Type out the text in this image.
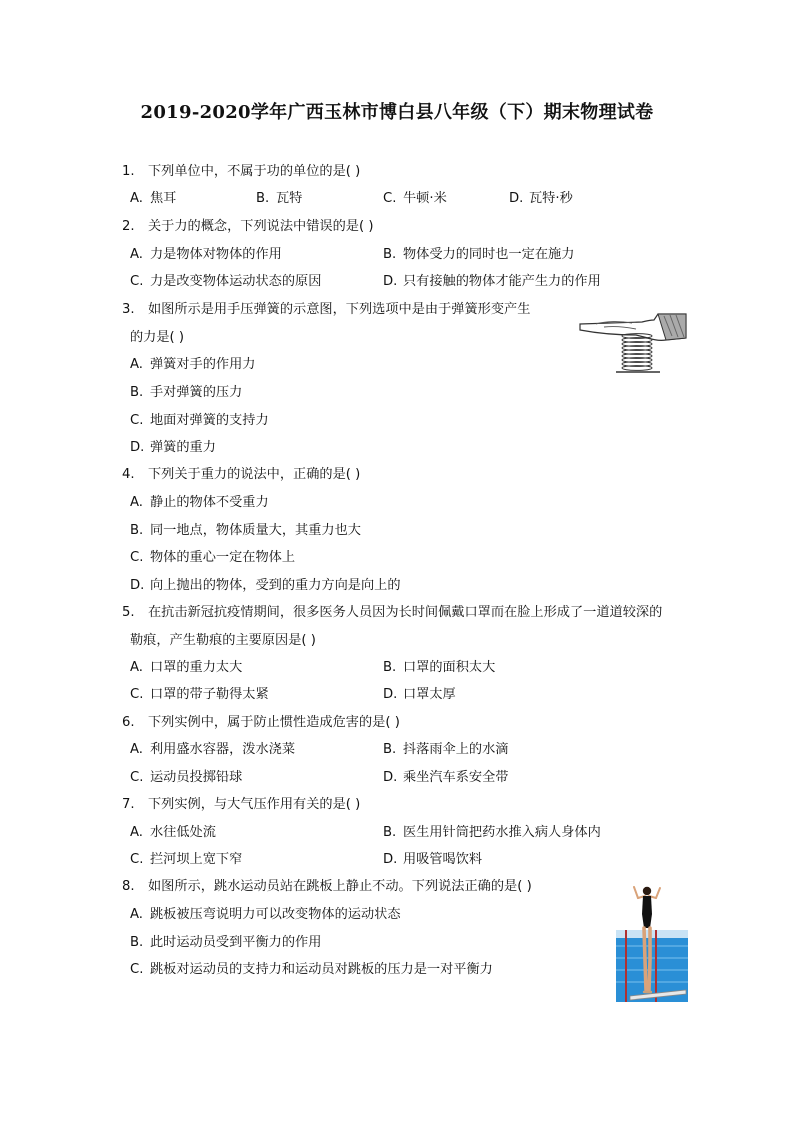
2019-2020学年广西玉林市博白县八年级（下）期末物理试卷
1. 下列单位中，不属于功的单位的是( )
A. 焦耳	B. 瓦特	C. 牛顿·米	D. 瓦特·秒
2. 关于力的概念，下列说法中错误的是( )
A. 力是物体对物体的作用	B. 物体受力的同时也一定在施力
C. 力是改变物体运动状态的原因	D. 只有接触的物体才能产生力的作用
3. 如图所示是用手压弹簧的示意图，下列选项中是由于弹簧形变产生
的力是( )
A. 弹簧对手的作用力
B. 手对弹簧的压力
C. 地面对弹簧的支持力
D. 弹簧的重力
4. 下列关于重力的说法中，正确的是( )
A. 静止的物体不受重力
B. 同一地点，物体质量大，其重力也大
C. 物体的重心一定在物体上
D. 向上抛出的物体，受到的重力方向是向上的
5. 在抗击新冠抗疫情期间，很多医务人员因为长时间佩戴口罩而在脸上形成了一道道较深的
勒痕，产生勒痕的主要原因是( )
A. 口罩的重力太大	B. 口罩的面积太大
C. 口罩的带子勒得太紧	D. 口罩太厚
6. 下列实例中，属于防止惯性造成危害的是( )
A. 利用盛水容器，泼水浇菜	B. 抖落雨伞上的水滴
C. 运动员投掷铅球	D. 乘坐汽车系安全带
7. 下列实例，与大气压作用有关的是( )
A. 水往低处流	B. 医生用针筒把药水推入病人身体内
C. 拦河坝上宽下窄	D. 用吸管喝饮料
8. 如图所示，跳水运动员站在跳板上静止不动。下列说法正确的是( )
A. 跳板被压弯说明力可以改变物体的运动状态
B. 此时运动员受到平衡力的作用
C. 跳板对运动员的支持力和运动员对跳板的压力是一对平衡力
